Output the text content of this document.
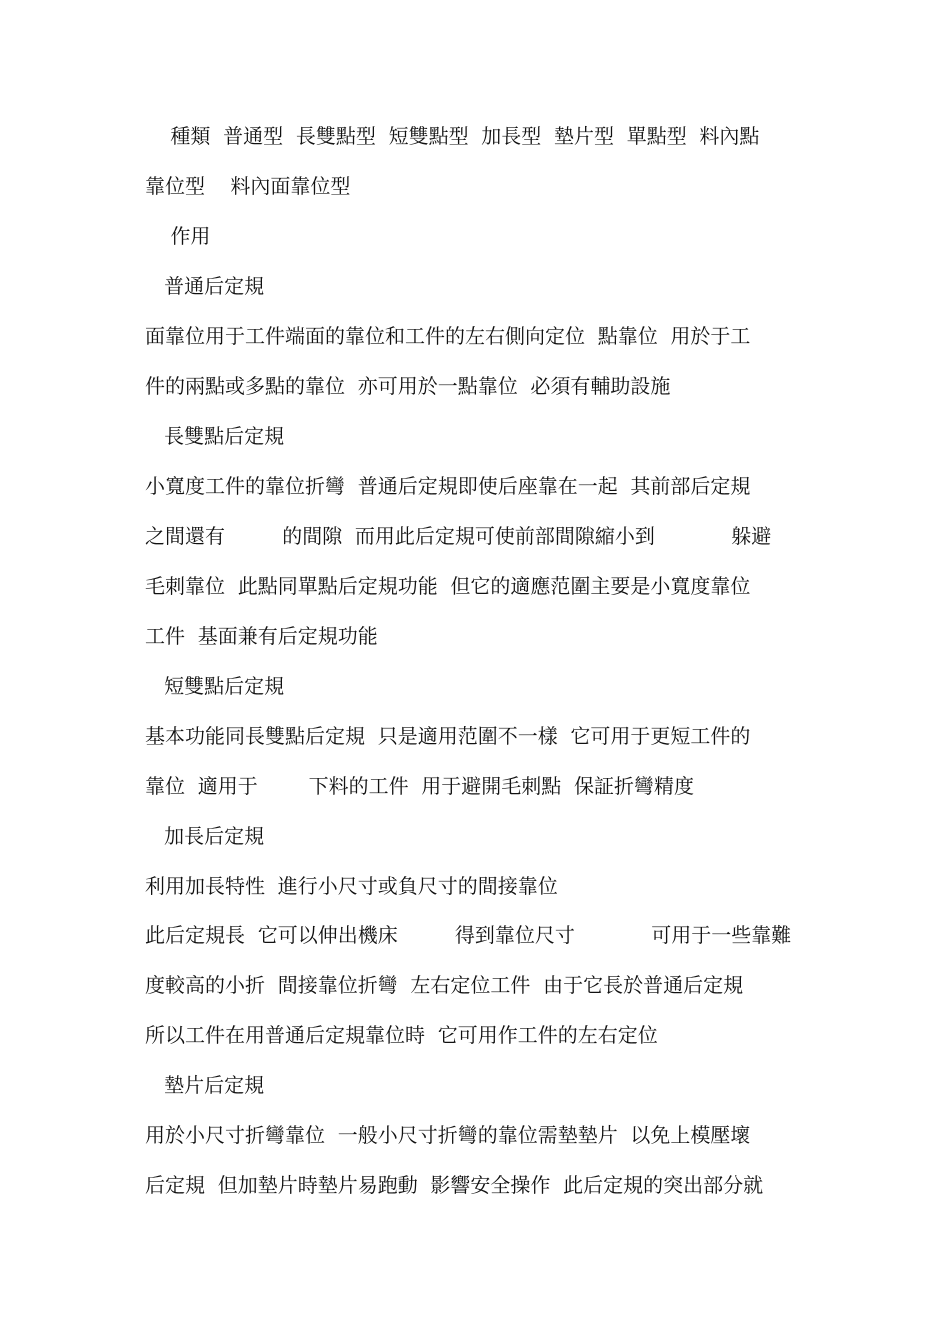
種類  普通型  長雙點型  短雙點型  加長型  墊片型  單點型  料內點
靠位型    料內面靠位型
作用
普通后定規
面靠位用于工件端面的靠位和工件的左右側向定位  點靠位  用於于工
件的兩點或多點的靠位  亦可用於一點靠位  必須有輔助設施
長雙點后定規
小寬度工件的靠位折彎  普通后定規即使后座靠在一起  其前部后定規
之間還有         的間隙  而用此后定規可使前部間隙縮小到            躲避
毛刺靠位  此點同單點后定規功能  但它的適應范圍主要是小寬度靠位
工件  基面兼有后定規功能
短雙點后定規
基本功能同長雙點后定規  只是適用范圍不一樣  它可用于更短工件的
靠位  適用于        下料的工件  用于避開毛刺點  保証折彎精度
加長后定規
利用加長特性  進行小尺寸或負尺寸的間接靠位
此后定規長  它可以伸出機床         得到靠位尺寸            可用于一些靠難
度較高的小折  間接靠位折彎  左右定位工件  由于它長於普通后定規
所以工件在用普通后定規靠位時  它可用作工件的左右定位
墊片后定規
用於小尺寸折彎靠位  一般小尺寸折彎的靠位需墊墊片  以免上模壓壞
后定規  但加墊片時墊片易跑動  影響安全操作  此后定規的突出部分就
